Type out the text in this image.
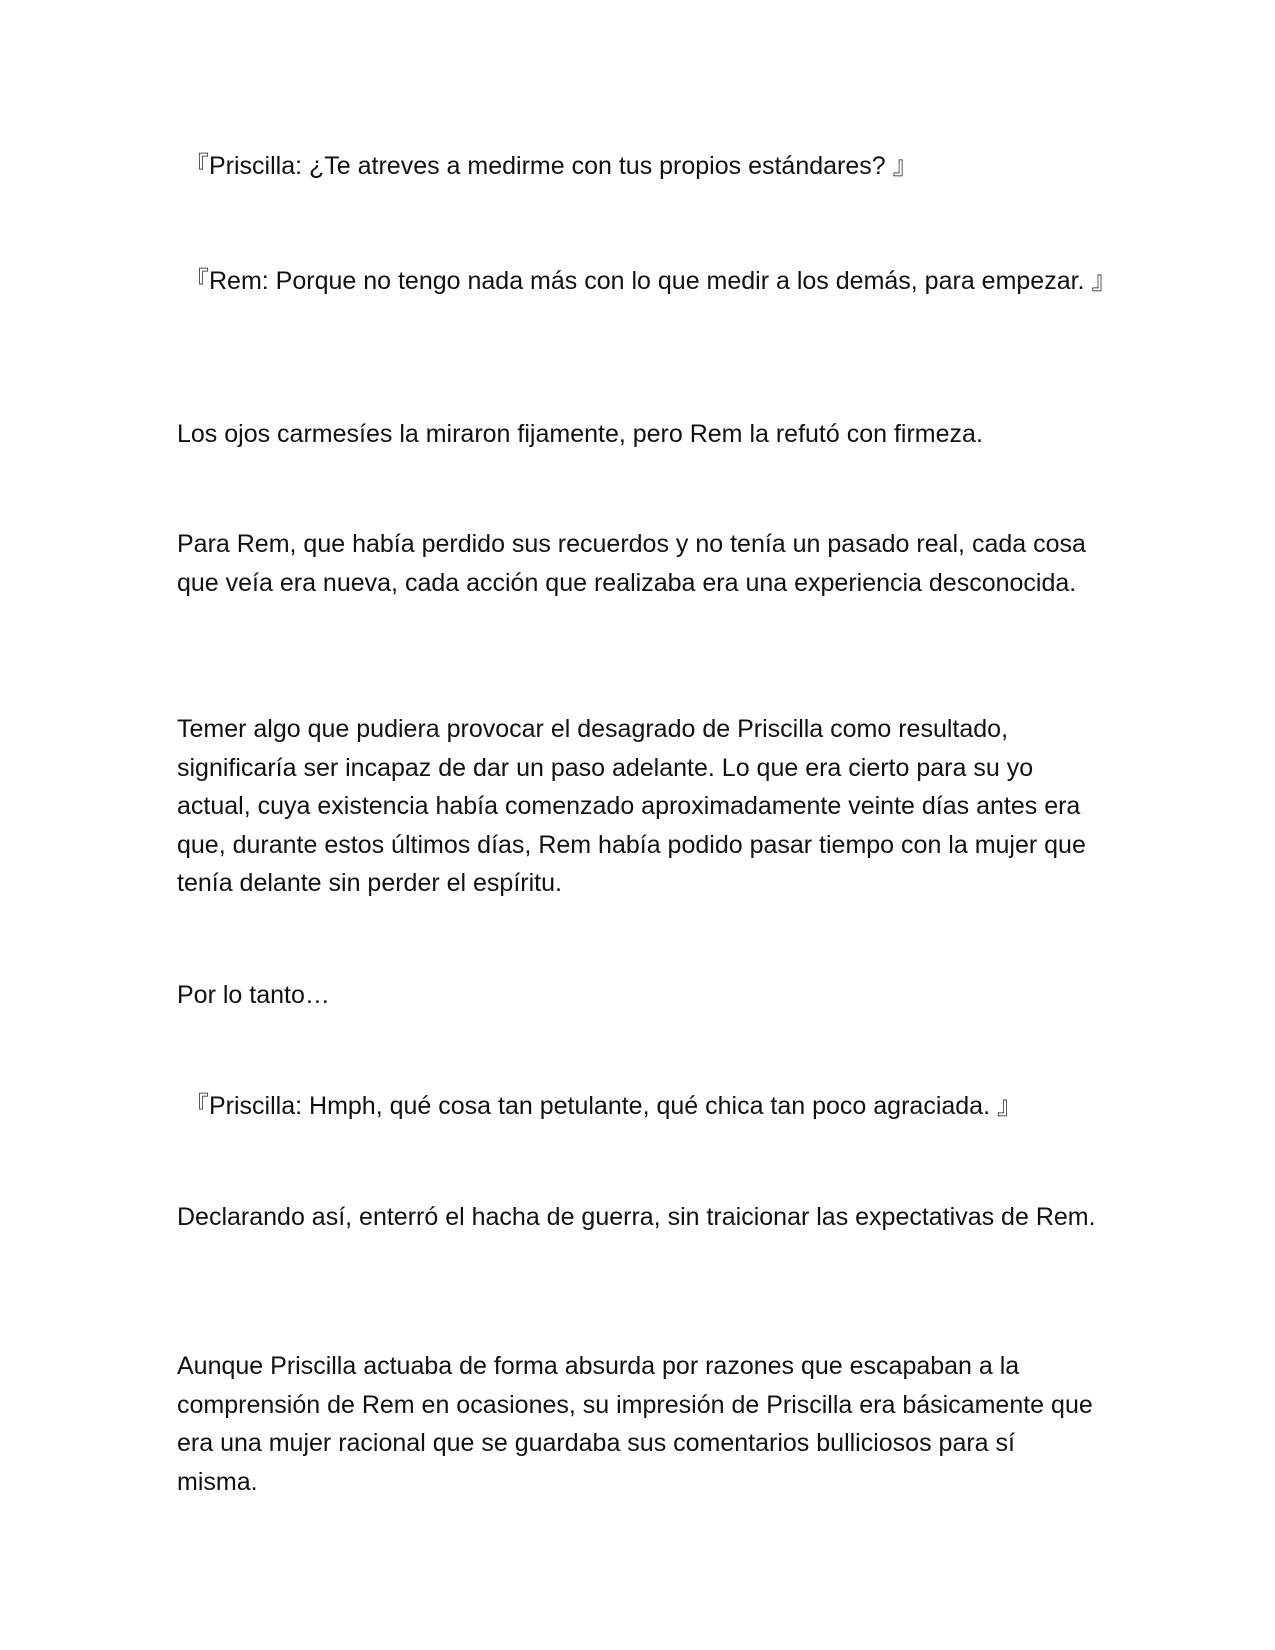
『Priscilla: ¿Te atreves a medirme con tus propios estándares? 』

『Rem: Porque no tengo nada más con lo que medir a los demás, para empezar. 』

Los ojos carmesíes la miraron fijamente, pero Rem la refutó con firmeza.

Para Rem, que había perdido sus recuerdos y no tenía un pasado real, cada cosa que veía era nueva, cada acción que realizaba era una experiencia desconocida.

Temer algo que pudiera provocar el desagrado de Priscilla como resultado, significaría ser incapaz de dar un paso adelante. Lo que era cierto para su yo actual, cuya existencia había comenzado aproximadamente veinte días antes era que, durante estos últimos días, Rem había podido pasar tiempo con la mujer que tenía delante sin perder el espíritu.

Por lo tanto…

『Priscilla: Hmph, qué cosa tan petulante, qué chica tan poco agraciada. 』

Declarando así, enterró el hacha de guerra, sin traicionar las expectativas de Rem.

Aunque Priscilla actuaba de forma absurda por razones que escapaban a la comprensión de Rem en ocasiones, su impresión de Priscilla era básicamente que era una mujer racional que se guardaba sus comentarios bulliciosos para sí misma.
